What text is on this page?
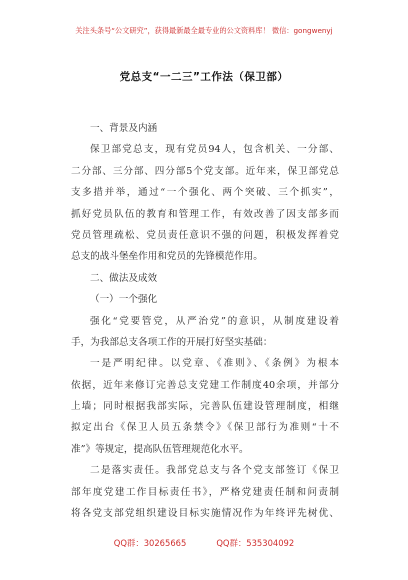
关注头条号“公文研究”，获得最新最全最专业的公文资料库！ 微信：gongwenyj
党总支“一二三”工作法（保卫部）
一、背景及内涵
保卫部党总支，现有党员94人，包含机关、一分部、
二分部、三分部、四分部5个党支部。近年来，保卫部党总
支多措并举，通过“一个强化、两个突破、三个抓实”，
抓好党员队伍的教育和管理工作，有效改善了因支部多而
党员管理疏松、党员责任意识不强的问题，积极发挥着党
总支的战斗堡垒作用和党员的先锋模范作用。
二、做法及成效
（一）一个强化
强化“党要管党，从严治党”的意识，从制度建设着
手，为我部总支各项工作的开展打好坚实基础：
一是严明纪律。以党章、《准则》、《条例》为根本
依据，近年来修订完善总支党建工作制度40余项，并部分
上墙；同时根据我部实际，完善队伍建设管理制度，相继
拟定出台《保卫人员五条禁令》《保卫部行为准则“十不
准”》等规定，提高队伍管理规范化水平。
二是落实责任。我部党总支与各个党支部签订《保卫
部年度党建工作目标责任书》，严格党建责任制和问责制
将各党支部党组织建设目标实施情况作为年终评先树优、
QQ群：30265665	QQ群：535304092
